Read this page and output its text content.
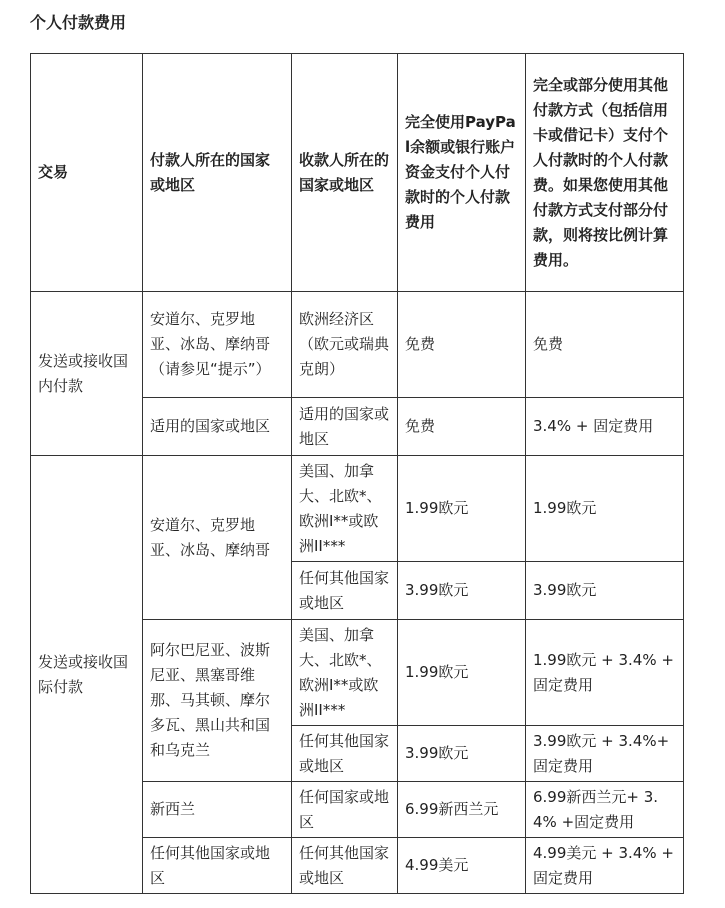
个人付款费用
交易	付款人所在的国家或地区	收款人所在的国家或地区	完全使用PayPal余额或银行账户资金支付个人付款时的个人付款费用	完全或部分使用其他付款方式（包括信用卡或借记卡）支付个人付款时的个人付款费。如果您使用其他付款方式支付部分付款，则将按比例计算费用。
发送或接收国内付款	安道尔、克罗地亚、冰岛、摩纳哥（请参见“提示”）	欧洲经济区（欧元或瑞典克朗）	免费	免费
	适用的国家或地区	适用的国家或地区	免费	3.4% + 固定费用
发送或接收国际付款	安道尔、克罗地亚、冰岛、摩纳哥	美国、加拿大、北欧*、欧洲I**或欧洲II***	1.99欧元	1.99欧元
		任何其他国家或地区	3.99欧元	3.99欧元
	阿尔巴尼亚、波斯尼亚、黑塞哥维那、马其顿、摩尔多瓦、黑山共和国和乌克兰	美国、加拿大、北欧*、欧洲I**或欧洲II***	1.99欧元	1.99欧元 + 3.4% + 固定费用
		任何其他国家或地区	3.99欧元	3.99欧元 + 3.4%+ 固定费用
	新西兰	任何国家或地区	6.99新西兰元	6.99新西兰元+ 3.4% +固定费用
	任何其他国家或地区	任何其他国家或地区	4.99美元	4.99美元 + 3.4% + 固定费用
